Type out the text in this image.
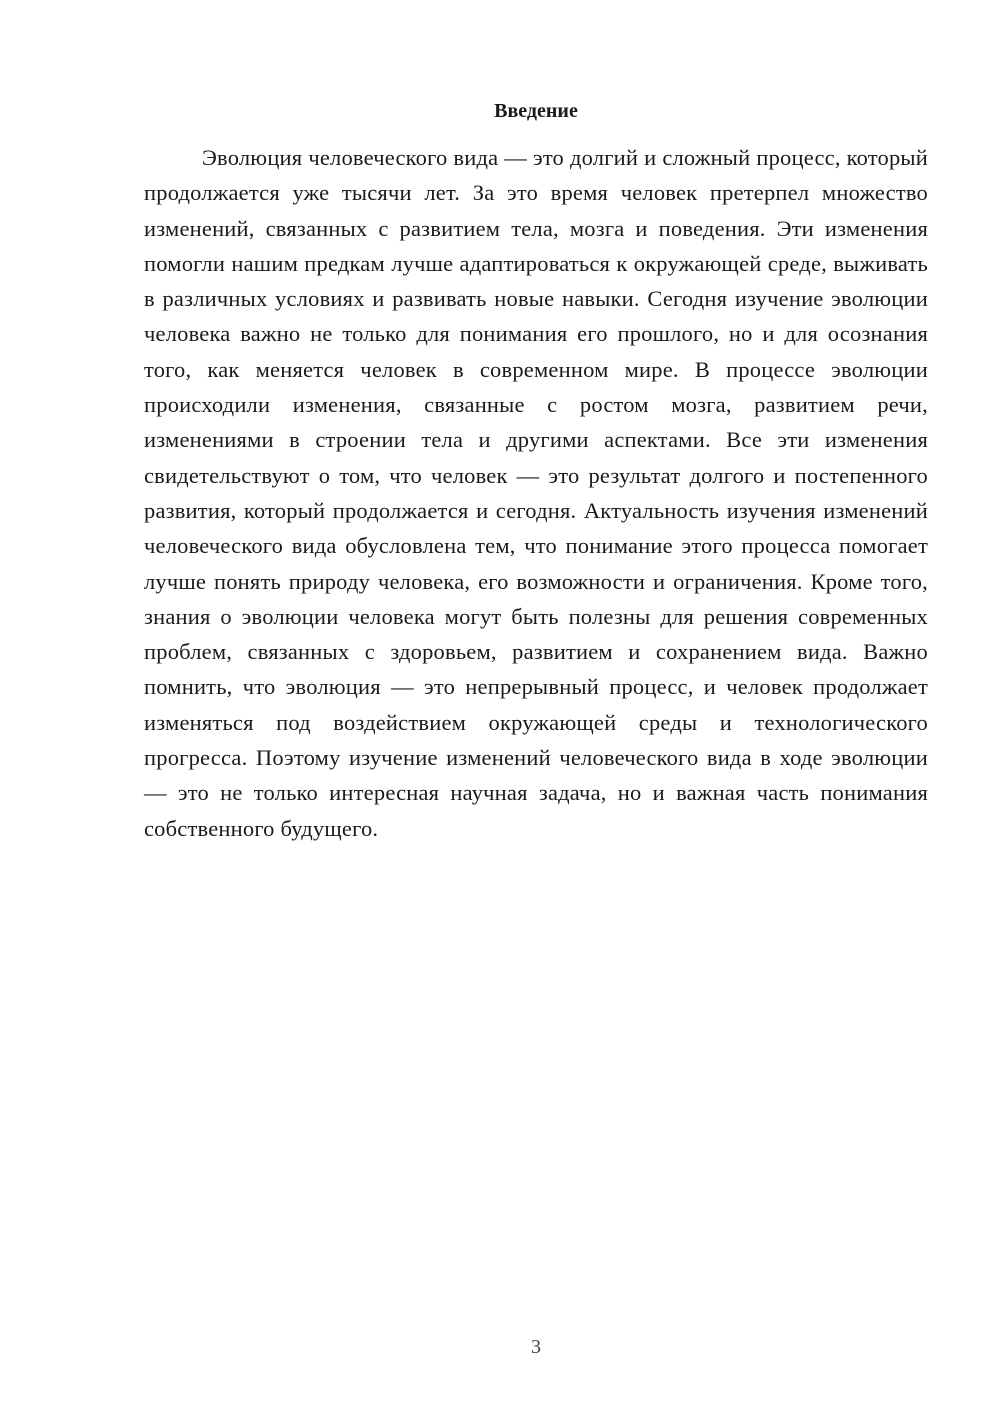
Введение

Эволюция человеческого вида — это долгий и сложный процесс, который продолжается уже тысячи лет. За это время человек претерпел множество изменений, связанных с развитием тела, мозга и поведения. Эти изменения помогли нашим предкам лучше адаптироваться к окружающей среде, выживать в различных условиях и развивать новые навыки. Сегодня изучение эволюции человека важно не только для понимания его прошлого, но и для осознания того, как меняется человек в современном мире. В процессе эволюции происходили изменения, связанные с ростом мозга, развитием речи, изменениями в строении тела и другими аспектами. Все эти изменения свидетельствуют о том, что человек — это результат долгого и постепенного развития, который продолжается и сегодня. Актуальность изучения изменений человеческого вида обусловлена тем, что понимание этого процесса помогает лучше понять природу человека, его возможности и ограничения. Кроме того, знания о эволюции человека могут быть полезны для решения современных проблем, связанных с здоровьем, развитием и сохранением вида. Важно помнить, что эволюция — это непрерывный процесс, и человек продолжает изменяться под воздействием окружающей среды и технологического прогресса. Поэтому изучение изменений человеческого вида в ходе эволюции — это не только интересная научная задача, но и важная часть понимания собственного будущего.

3
